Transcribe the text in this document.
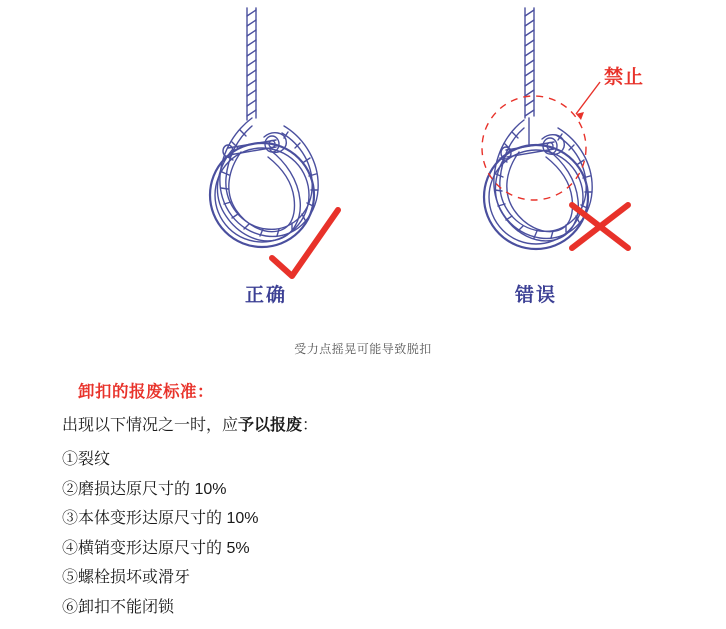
禁止
正确	错误
受力点摇晃可能导致脱扣
卸扣的报废标准：

出现以下情况之一时，应予以报废：

①裂纹
②磨损达原尺寸的 10%
③本体变形达原尺寸的 10%
④横销变形达原尺寸的 5%
⑤螺栓损坏或滑牙
⑥卸扣不能闭锁
